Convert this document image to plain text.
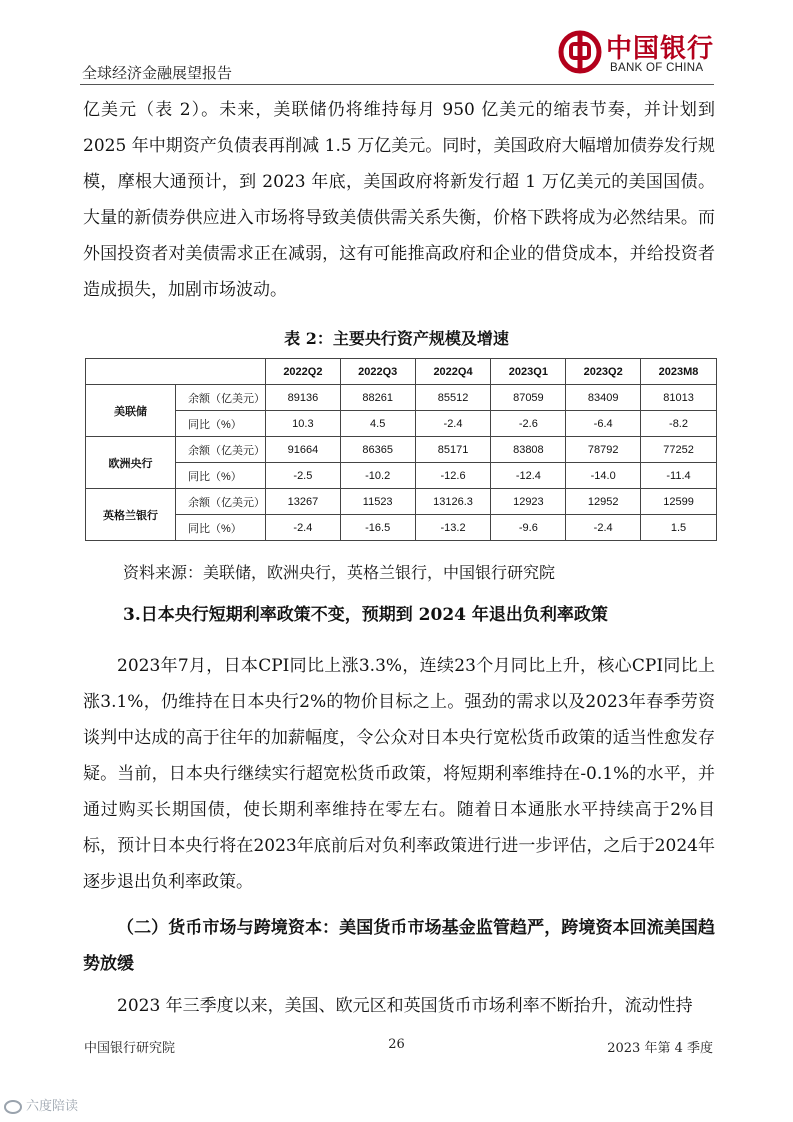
全球经济金融展望报告
中国银行
BANK OF CHINA

亿美元（表 2）。未来，美联储仍将维持每月 950 亿美元的缩表节奏，并计划到 2025 年中期资产负债表再削减 1.5 万亿美元。同时，美国政府大幅增加债券发行规模，摩根大通预计，到 2023 年底，美国政府将新发行超 1 万亿美元的美国国债。大量的新债券供应进入市场将导致美债供需关系失衡，价格下跌将成为必然结果。而外国投资者对美债需求正在减弱，这有可能推高政府和企业的借贷成本，并给投资者造成损失，加剧市场波动。

表 2：主要央行资产规模及增速
		2022Q2	2022Q3	2022Q4	2023Q1	2023Q2	2023M8
美联储	余额（亿美元）	89136	88261	85512	87059	83409	81013
	同比（%）	10.3	4.5	-2.4	-2.6	-6.4	-8.2
欧洲央行	余额（亿美元）	91664	86365	85171	83808	78792	77252
	同比（%）	-2.5	-10.2	-12.6	-12.4	-14.0	-11.4
英格兰银行	余额（亿美元）	13267	11523	13126.3	12923	12952	12599
	同比（%）	-2.4	-16.5	-13.2	-9.6	-2.4	1.5
资料来源：美联储，欧洲央行，英格兰银行，中国银行研究院
3.日本央行短期利率政策不变，预期到 2024 年退出负利率政策

2023年7月，日本CPI同比上涨3.3%，连续23个月同比上升，核心CPI同比上涨3.1%，仍维持在日本央行2%的物价目标之上。强劲的需求以及2023年春季劳资谈判中达成的高于往年的加薪幅度，令公众对日本央行宽松货币政策的适当性愈发存疑。当前，日本央行继续实行超宽松货币政策，将短期利率维持在-0.1%的水平，并通过购买长期国债，使长期利率维持在零左右。随着日本通胀水平持续高于2%目标，预计日本央行将在2023年底前后对负利率政策进行进一步评估，之后于2024年逐步退出负利率政策。

（二）货币市场与跨境资本：美国货币市场基金监管趋严，跨境资本回流美国趋势放缓

2023 年三季度以来，美国、欧元区和英国货币市场利率不断抬升，流动性持

中国银行研究院	26	2023 年第 4 季度
六度陪读
